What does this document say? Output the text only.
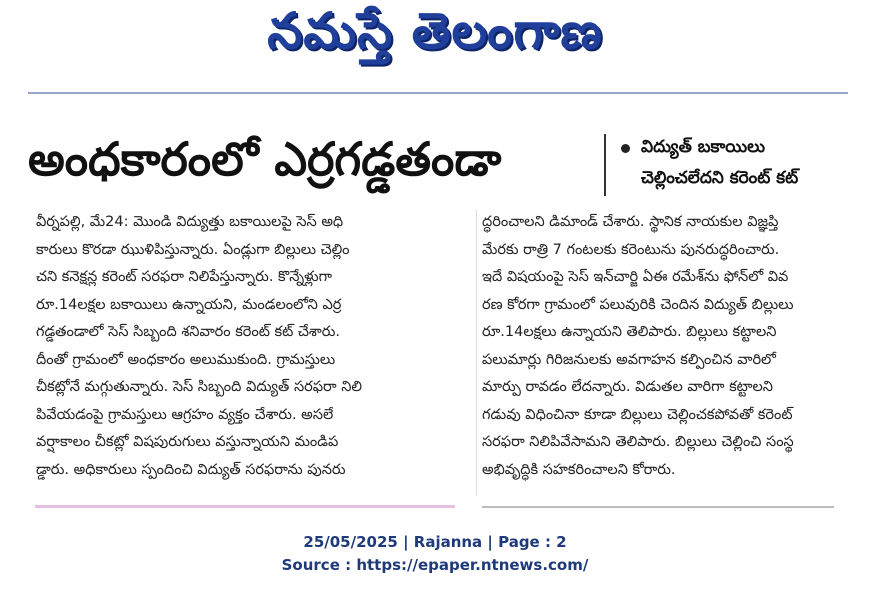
నమస్తే తెలంగాణ
అంధకారంలో ఎర్రగడ్డతండా	విద్యుత్ బకాయిలు
చెల్లించలేదని కరెంట్ కట్
వీర్నపల్లి, మే24: మొండి విద్యుత్తు బకాయిలపై సెస్ అధి
కారులు కొరడా ఝుళిపిస్తున్నారు. ఏండ్లుగా బిల్లులు చెల్లిం
చని కనెక్షన్ల కరెంట్ సరఫరా నిలిపేస్తున్నారు. కొన్నేళ్లుగా
రూ.14లక్షల బకాయిలు ఉన్నాయని, మండలంలోని ఎర్ర
గడ్డతండాలో సెస్ సిబ్బంది శనివారం కరెంట్ కట్ చేశారు.
దీంతో గ్రామంలో అంధకారం అలుముకుంది. గ్రామస్తులు
చీకట్లోనే మగ్గుతున్నారు. సెస్ సిబ్బంది విద్యుత్ సరఫరా నిలి
పివేయడంపై గ్రామస్తులు ఆగ్రహం వ్యక్తం చేశారు. అసలే
వర్షాకాలం చీకట్లో విషపురుగులు వస్తున్నాయని మండిప
డ్డారు. అధికారులు స్పందించి విద్యుత్ సరఫరాను పునరు
ద్ధరించాలని డిమాండ్ చేశారు. స్థానిక నాయకుల విజ్ఞప్తి
మేరకు రాత్రి 7 గంటలకు కరెంటును పునరుద్ధరించారు.
ఇదే విషయంపై సెస్ ఇన్‌చార్జి ఏఈ రమేశ్‌ను ఫోన్‌లో వివ
రణ కోరగా గ్రామంలో పలువురికి చెందిన విద్యుత్ బిల్లులు
రూ.14లక్షలు ఉన్నాయని తెలిపారు. బిల్లులు కట్టాలని
పలుమార్లు గిరిజనులకు అవగాహన కల్పించిన వారిలో
మార్పు రావడం లేదన్నారు. విడుతల వారిగా కట్టాలని
గడువు విధించినా కూడా బిల్లులు చెల్లించకపోవతో కరెంట్
సరఫరా నిలిపివేసామని తెలిపారు. బిల్లులు చెల్లించి సంస్థ
అభివృద్ధికి సహకరించాలని కోరారు.
25/05/2025 | Rajanna | Page : 2
Source : https://epaper.ntnews.com/
